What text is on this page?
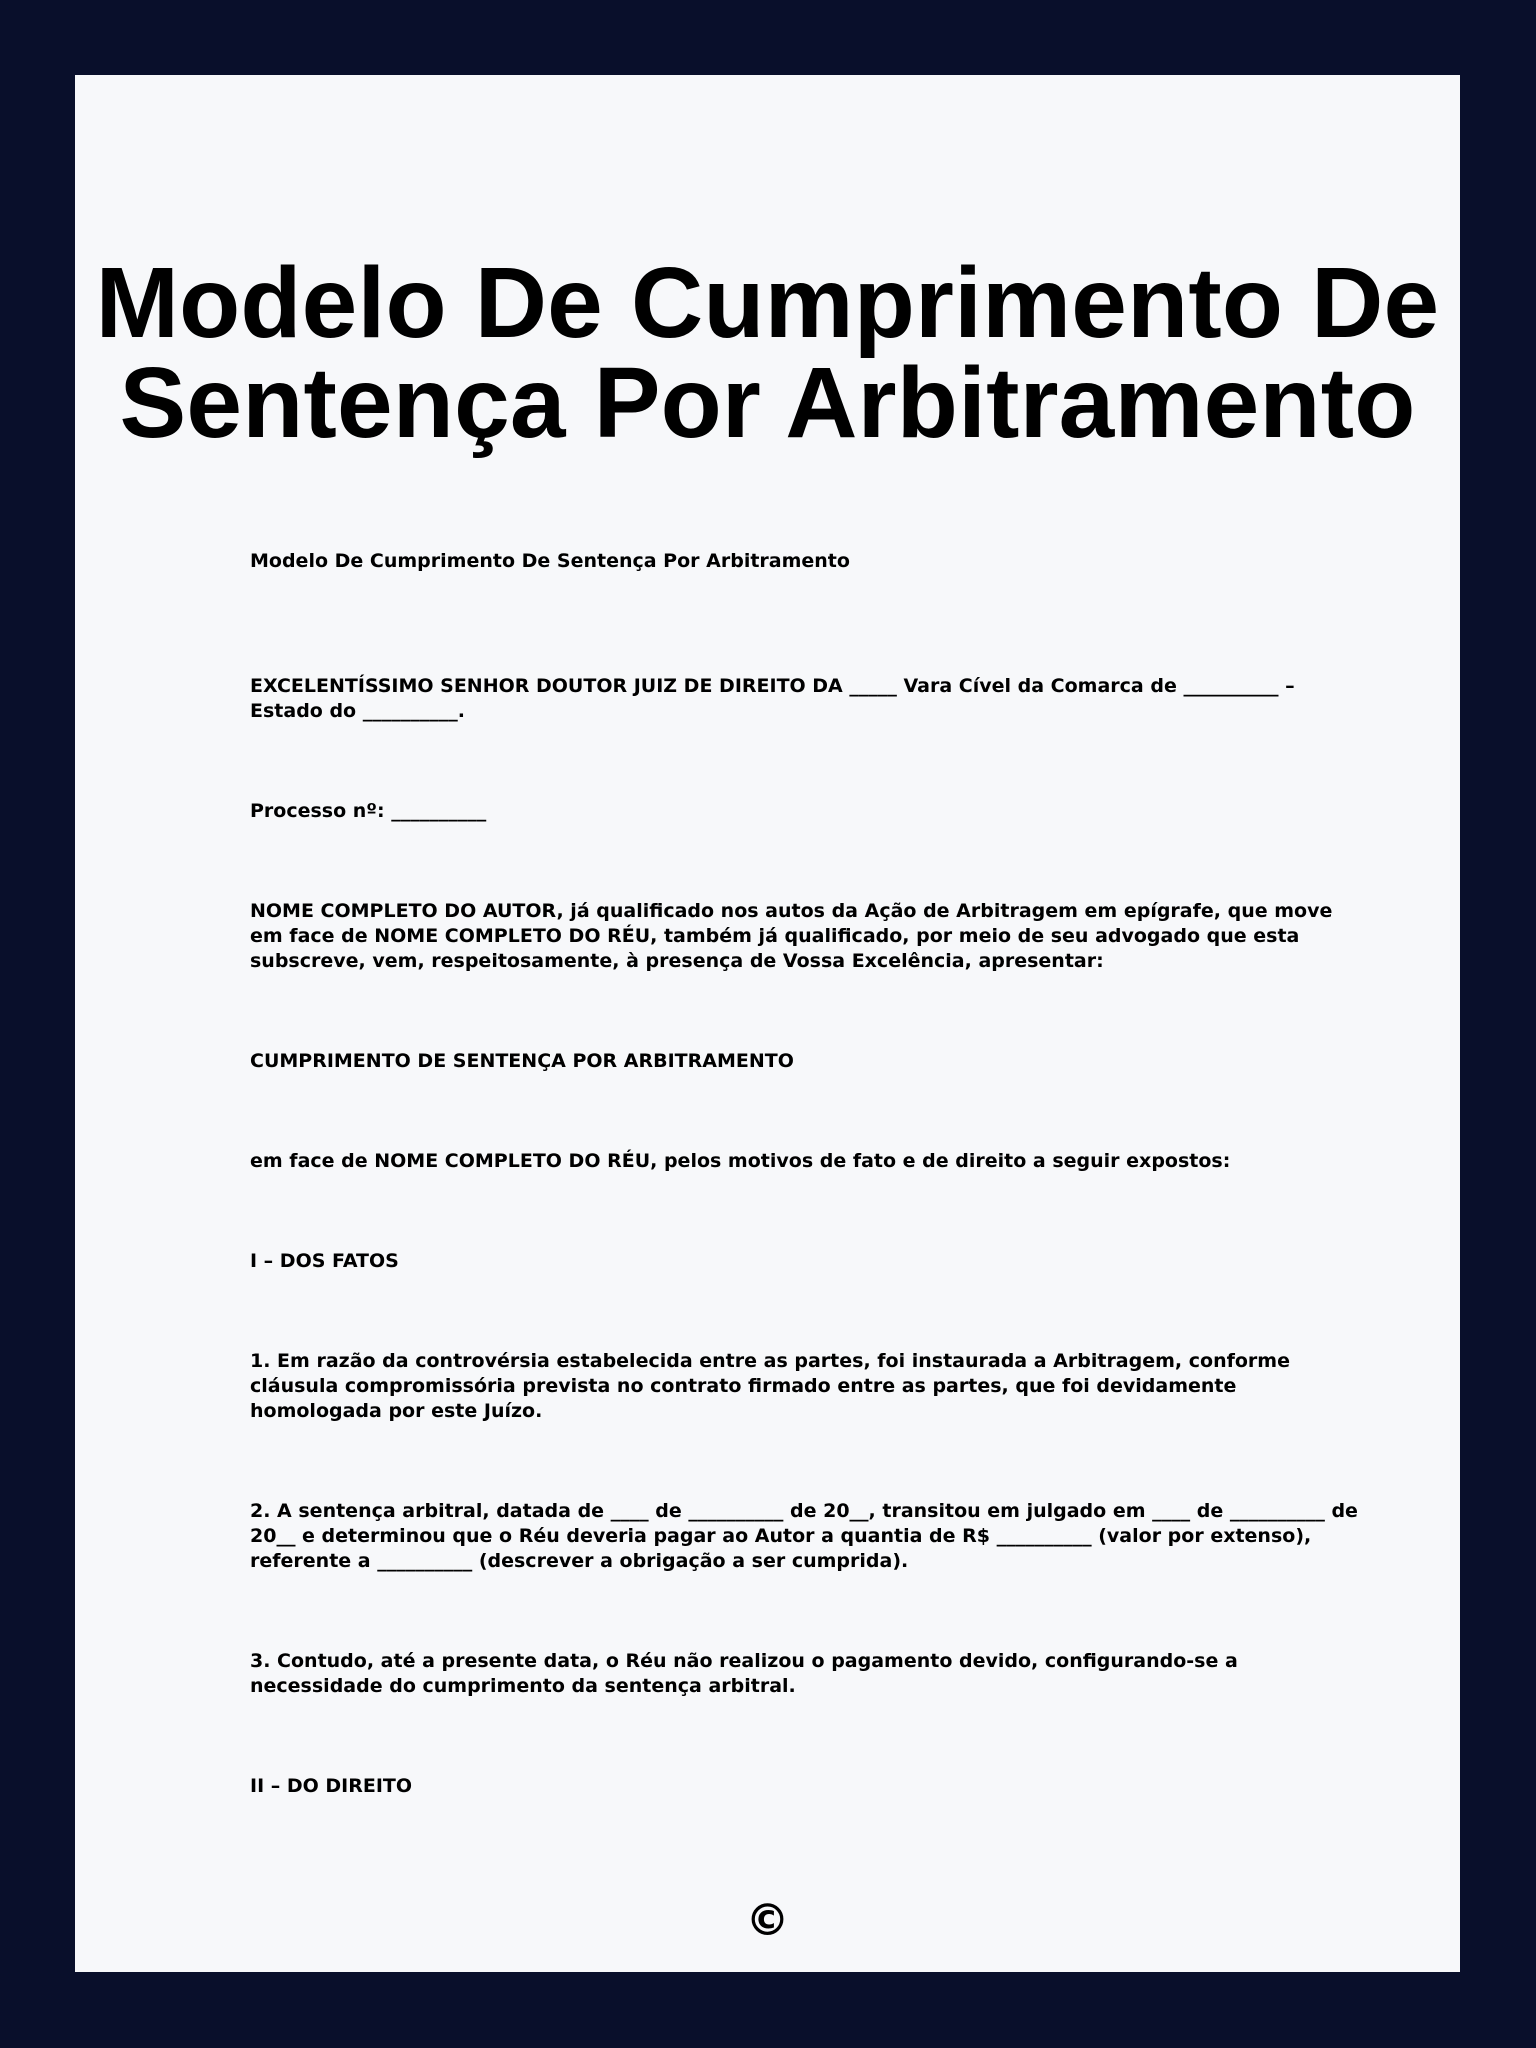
Modelo De Cumprimento De
Sentença Por Arbitramento

Modelo De Cumprimento De Sentença Por Arbitramento

EXCELENTÍSSIMO SENHOR DOUTOR JUIZ DE DIREITO DA _____ Vara Cível da Comarca de __________ – Estado do __________.

Processo nº: __________

NOME COMPLETO DO AUTOR, já qualificado nos autos da Ação de Arbitragem em epígrafe, que move em face de NOME COMPLETO DO RÉU, também já qualificado, por meio de seu advogado que esta subscreve, vem, respeitosamente, à presença de Vossa Excelência, apresentar:

CUMPRIMENTO DE SENTENÇA POR ARBITRAMENTO

em face de NOME COMPLETO DO RÉU, pelos motivos de fato e de direito a seguir expostos:

I – DOS FATOS

1. Em razão da controvérsia estabelecida entre as partes, foi instaurada a Arbitragem, conforme cláusula compromissória prevista no contrato firmado entre as partes, que foi devidamente homologada por este Juízo.

2. A sentença arbitral, datada de ____ de __________ de 20__, transitou em julgado em ____ de __________ de 20__ e determinou que o Réu deveria pagar ao Autor a quantia de R$ __________ (valor por extenso), referente a __________ (descrever a obrigação a ser cumprida).

3. Contudo, até a presente data, o Réu não realizou o pagamento devido, configurando-se a necessidade do cumprimento da sentença arbitral.

II – DO DIREITO

©
